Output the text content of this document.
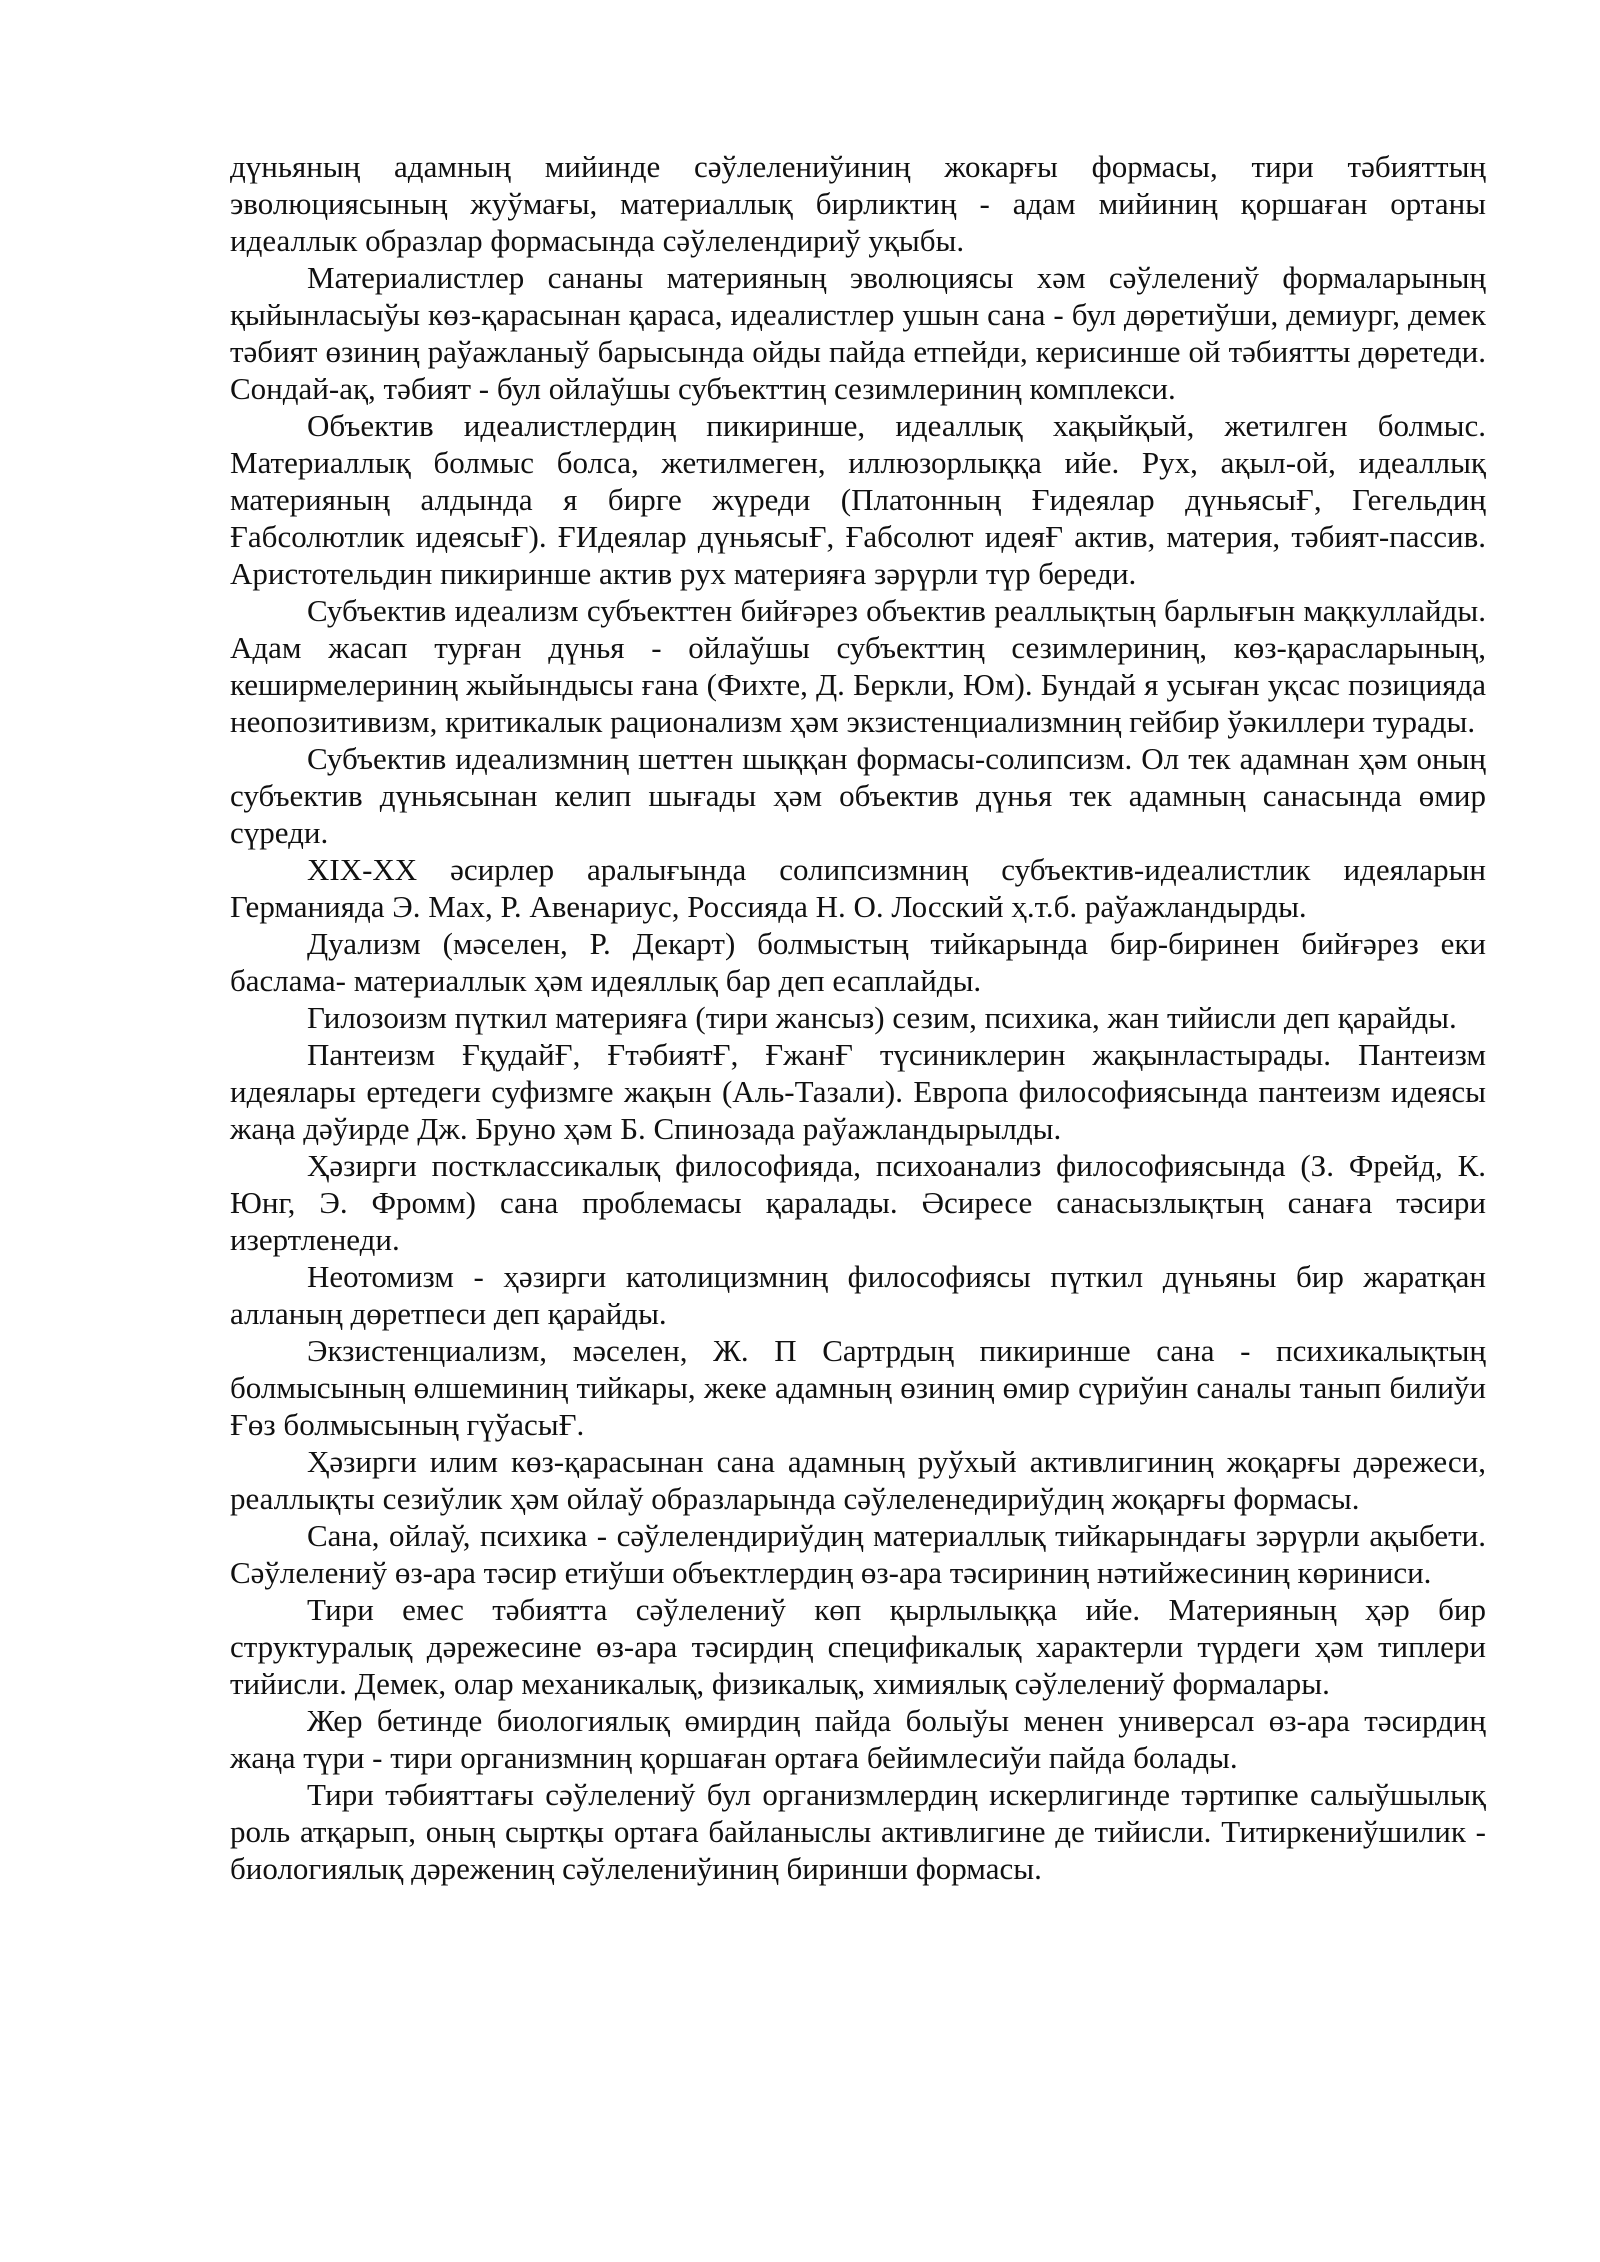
дүньяның адамның мийинде сәўлелениўиниң жокарғы формасы, тири тәбияттың эволюциясының жуўмағы, материаллық бирликтиң - адам мийиниң қоршаған ортаны идеаллык образлар формасында сәўлелендириў уқыбы.

Материалистлер сананы материяның эволюциясы хәм сәўлелениў формаларының қыйынласыўы көз-қарасынан қараса, идеалистлер ушын сана - бул дөретиўши, демиург, демек тәбият өзиниң раўажланыў барысында ойды пайда етпейди, керисинше ой тәбиятты дөретеди. Сондай-ақ, тәбият - бул ойлаўшы субъекттиң сезимлериниң комплекси.

Объектив идеалистлердиң пикиринше, идеаллық хақыйқый, жетилген болмыс. Материаллық болмыс болса, жетилмеген, иллюзорлыққа ийе. Рух, ақыл-ой, идеаллық материяның алдында я бирге жүреди (Платонның Ғидеялар дүньясыҒ, Гегельдиң Ғабсолютлик идеясыҒ). ҒИдеялар дүньясыҒ, Ғабсолют идеяҒ актив, материя, тәбият-пассив. Аристотельдин пикиринше актив рух материяға зәрүрли түр береди.

Субъектив идеализм субъекттен бийғәрез объектив реаллықтың барлығын мақкуллайды. Адам жасап турған дүнья - ойлаўшы субъекттиң сезимлериниң, көз-қарасларының, кеширмелериниң жыйындысы ғана (Фихте, Д. Беркли, Юм). Бундай я усыған уқсас позицияда неопозитивизм, критикалык рационализм ҳәм экзистенциализмниң гейбир ўәкиллери турады.

Субъектив идеализмниң шеттен шыққан формасы-солипсизм. Ол тек адамнан ҳәм оның субъектив дүньясынан келип шығады ҳәм объектив дүнья тек адамның санасында өмир сүреди.

XIX-XX әсирлер аралығында солипсизмниң субъектив-идеалистлик идеяларын Германияда Э. Мах, Р. Авенариус, Россияда Н. О. Лосский ҳ.т.б. раўажландырды.

Дуализм (мәселен, Р. Декарт) болмыстың тийкарында бир-биринен бийғәрез еки баслама- материаллык ҳәм идеяллық бар деп есаплайды.

Гилозоизм пүткил материяға (тири жансыз) сезим, психика, жан тийисли деп қарайды.

Пантеизм ҒқудайҒ, ҒтәбиятҒ, ҒжанҒ түсиниклерин жақынластырады. Пантеизм идеялары ертедеги суфизмге жақын (Аль-Тазали). Европа философиясында пантеизм идеясы жаңа дәўирде Дж. Бруно ҳәм Б. Спинозада раўажландырылды.

Ҳәзирги постклассикалық философияда, психоанализ философиясында (З. Фрейд, К. Юнг, Э. Фромм) сана проблемасы қаралады. Әсиресе санасызлықтың санаға тәсири изертленеди.

Неотомизм - ҳәзирги католицизмниң философиясы пүткил дүньяны бир жаратқан алланың дөретпеси деп қарайды.

Экзистенциализм, мәселен, Ж. П Сартрдың пикиринше сана - психикалықтың болмысының өлшеминиң тийкары, жеке адамның өзиниң өмир сүриўин саналы танып билиўи Ғөз болмысының гүўасыҒ.

Ҳәзирги илим көз-қарасынан сана адамның руўхый активлигиниң жоқарғы дәрежеси, реаллықты сезиўлик ҳәм ойлаў образларында сәўлеленедириўдиң жоқарғы формасы.

Сана, ойлаў, психика - сәўлелендириўдиң материаллық тийкарындағы зәрүрли ақыбети. Сәўлелениў өз-ара тәсир етиўши объектлердиң өз-ара тәсириниң нәтийжесиниң көриниси.

Тири емес тәбиятта сәўлелениў көп қырлылыққа ийе. Материяның ҳәр бир структуралық дәрежесине өз-ара тәсирдиң спецификалық характерли түрдеги ҳәм типлери тийисли. Демек, олар механикалық, физикалық, химиялық сәўлелениў формалары.

Жер бетинде биологиялық өмирдиң пайда болыўы менен универсал өз-ара тәсирдиң жаңа түри - тири организмниң қоршаған ортаға бейимлесиўи пайда болады.

Тири тәбияттағы сәўлелениў бул организмлердиң искерлигинде тәртипке салыўшылық роль атқарып, оның сыртқы ортаға байланыслы активлигине де тийисли. Титиркениўшилик - биологиялық дәрежениң сәўлелениўиниң биринши формасы.
